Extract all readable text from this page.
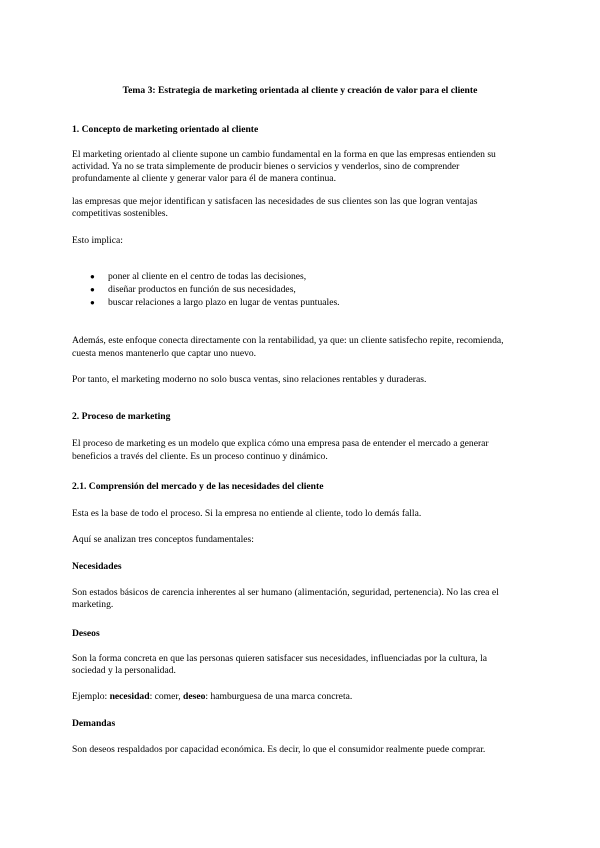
Tema 3: Estrategia de marketing orientada al cliente y creación de valor para el cliente
1. Concepto de marketing orientado al cliente
El marketing orientado al cliente supone un cambio fundamental en la forma en que las empresas entienden su
actividad. Ya no se trata simplemente de producir bienes o servicios y venderlos, sino de comprender
profundamente al cliente y generar valor para él de manera continua.
las empresas que mejor identifican y satisfacen las necesidades de sus clientes son las que logran ventajas
competitivas sostenibles.
Esto implica:
● poner al cliente en el centro de todas las decisiones,
● diseñar productos en función de sus necesidades,
● buscar relaciones a largo plazo en lugar de ventas puntuales.
Además, este enfoque conecta directamente con la rentabilidad, ya que: un cliente satisfecho repite, recomienda,
cuesta menos mantenerlo que captar uno nuevo.
Por tanto, el marketing moderno no solo busca ventas, sino relaciones rentables y duraderas.
2. Proceso de marketing
El proceso de marketing es un modelo que explica cómo una empresa pasa de entender el mercado a generar
beneficios a través del cliente. Es un proceso continuo y dinámico.
2.1. Comprensión del mercado y de las necesidades del cliente
Esta es la base de todo el proceso. Si la empresa no entiende al cliente, todo lo demás falla.
Aquí se analizan tres conceptos fundamentales:
Necesidades
Son estados básicos de carencia inherentes al ser humano (alimentación, seguridad, pertenencia). No las crea el
marketing.
Deseos
Son la forma concreta en que las personas quieren satisfacer sus necesidades, influenciadas por la cultura, la
sociedad y la personalidad.
Ejemplo: necesidad: comer, deseo: hamburguesa de una marca concreta.
Demandas
Son deseos respaldados por capacidad económica. Es decir, lo que el consumidor realmente puede comprar.
